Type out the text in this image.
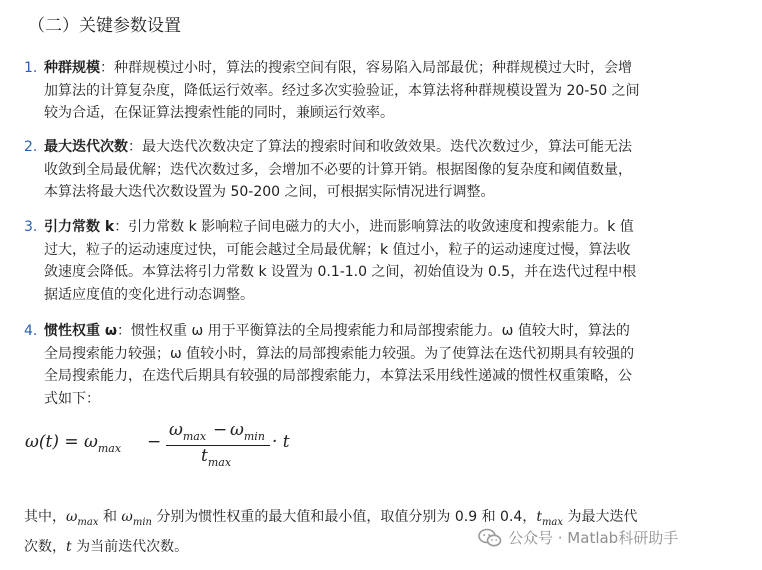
（二）关键参数设置
1. 种群规模：种群规模过小时，算法的搜索空间有限，容易陷入局部最优；种群规模过大时，会增
加算法的计算复杂度，降低运行效率。经过多次实验验证，本算法将种群规模设置为 20-50 之间
较为合适，在保证算法搜索性能的同时，兼顾运行效率。
2. 最大迭代次数：最大迭代次数决定了算法的搜索时间和收敛效果。迭代次数过少，算法可能无法
收敛到全局最优解；迭代次数过多，会增加不必要的计算开销。根据图像的复杂度和阈值数量，
本算法将最大迭代次数设置为 50-200 之间，可根据实际情况进行调整。
3. 引力常数 k：引力常数 k 影响粒子间电磁力的大小，进而影响算法的收敛速度和搜索能力。k 值
过大，粒子的运动速度过快，可能会越过全局最优解；k 值过小，粒子的运动速度过慢，算法收
敛速度会降低。本算法将引力常数 k 设置为 0.1-1.0 之间，初始值设为 0.5，并在迭代过程中根
据适应度值的变化进行动态调整。
4. 惯性权重 ω：惯性权重 ω 用于平衡算法的全局搜索能力和局部搜索能力。ω 值较大时，算法的
全局搜索能力较强；ω 值较小时，算法的局部搜索能力较强。为了使算法在迭代初期具有较强的
全局搜索能力，在迭代后期具有较强的局部搜索能力，本算法采用线性递减的惯性权重策略，公
式如下：
$\omega(t) = \omega_{max}$ −
$\omega_{max} - \omega_{min}$
$t_{max}$
· t
其中，$\omega_{max}$ 和 $\omega_{min}$ 分别为惯性权重的最大值和最小值，取值分别为 0.9 和 0.4，$t_{max}$ 为最大迭代
次数，t 为当前迭代次数。	公众号 · Matlab科研助手
